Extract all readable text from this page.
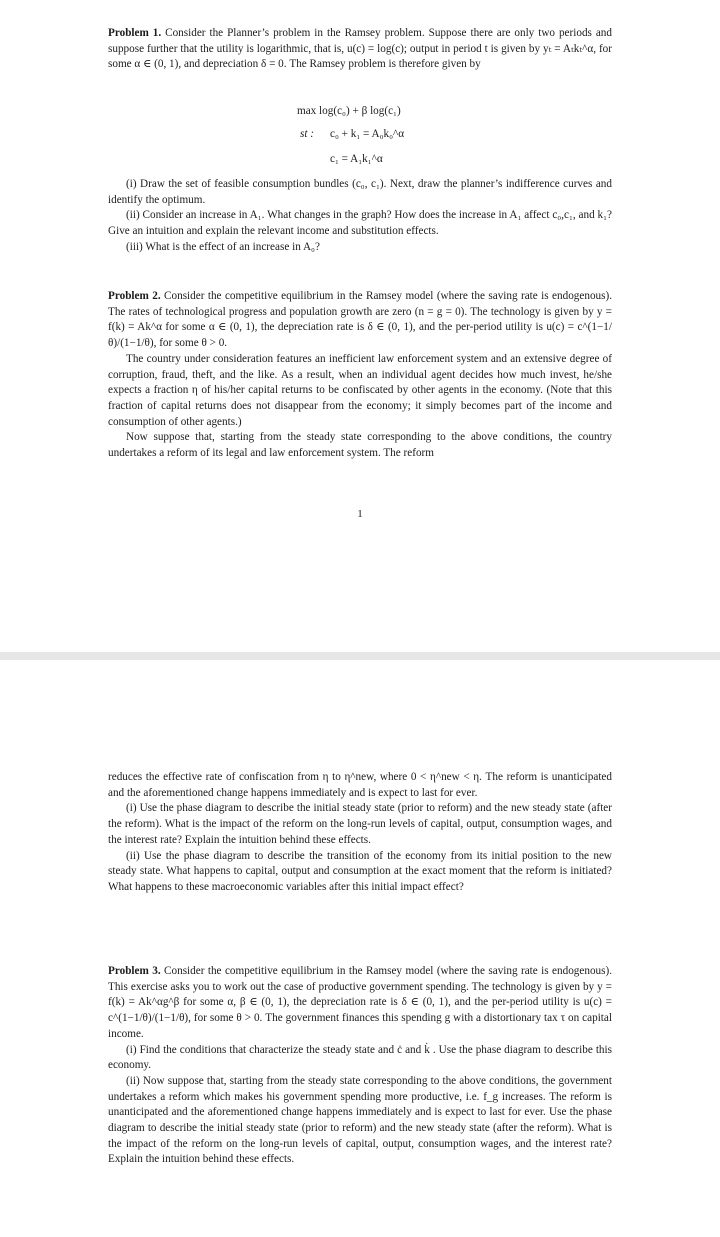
Problem 1. Consider the Planner’s problem in the Ramsey problem. Suppose there are only two periods and suppose further that the utility is logarithmic, that is, u(c) = log(c); output in period t is given by yₜ = Aₜkₜ^α, for some α ∈ (0, 1), and depreciation δ = 0. The Ramsey problem is therefore given by

max log(c₀) + β log(c₁)
st : c₀ + k₁ = A₀k₀^α
c₁ = A₁k₁^α

(i) Draw the set of feasible consumption bundles (c₀, c₁). Next, draw the planner’s indifference curves and identify the optimum.

(ii) Consider an increase in A₁. What changes in the graph? How does the increase in A₁ affect c₀,c₁, and k₁? Give an intuition and explain the relevant income and substitution effects.

(iii) What is the effect of an increase in A₀?

Problem 2. Consider the competitive equilibrium in the Ramsey model (where the saving rate is endogenous). The rates of technological progress and population growth are zero (n = g = 0). The technology is given by y = f(k) = Ak^α for some α ∈ (0, 1), the depreciation rate is δ ∈ (0, 1), and the per-period utility is u(c) = c^(1−1/θ)/(1−1/θ), for some θ > 0.

The country under consideration features an inefficient law enforcement system and an extensive degree of corruption, fraud, theft, and the like. As a result, when an individual agent decides how much invest, he/she expects a fraction η of his/her capital returns to be confiscated by other agents in the economy. (Note that this fraction of capital returns does not disappear from the economy; it simply becomes part of the income and consumption of other agents.)

Now suppose that, starting from the steady state corresponding to the above conditions, the country undertakes a reform of its legal and law enforcement system. The reform

1

reduces the effective rate of confiscation from η to η^new, where 0 < η^new < η. The reform is unanticipated and the aforementioned change happens immediately and is expect to last for ever.

(i) Use the phase diagram to describe the initial steady state (prior to reform) and the new steady state (after the reform). What is the impact of the reform on the long-run levels of capital, output, consumption wages, and the interest rate? Explain the intuition behind these effects.

(ii) Use the phase diagram to describe the transition of the economy from its initial position to the new steady state. What happens to capital, output and consumption at the exact moment that the reform is initiated? What happens to these macroeconomic variables after this initial impact effect?

Problem 3. Consider the competitive equilibrium in the Ramsey model (where the saving rate is endogenous). This exercise asks you to work out the case of productive government spending. The technology is given by y = f(k) = Ak^αg^β for some α, β ∈ (0, 1), the depreciation rate is δ ∈ (0, 1), and the per-period utility is u(c) = c^(1−1/θ)/(1−1/θ), for some θ > 0. The government finances this spending g with a distortionary tax τ on capital income.

(i) Find the conditions that characterize the steady state and ċ and k̇ . Use the phase diagram to describe this economy.

(ii) Now suppose that, starting from the steady state corresponding to the above conditions, the government undertakes a reform which makes his government spending more productive, i.e. f_g increases. The reform is unanticipated and the aforementioned change happens immediately and is expect to last for ever. Use the phase diagram to describe the initial steady state (prior to reform) and the new steady state (after the reform). What is the impact of the reform on the long-run levels of capital, output, consumption wages, and the interest rate? Explain the intuition behind these effects.
